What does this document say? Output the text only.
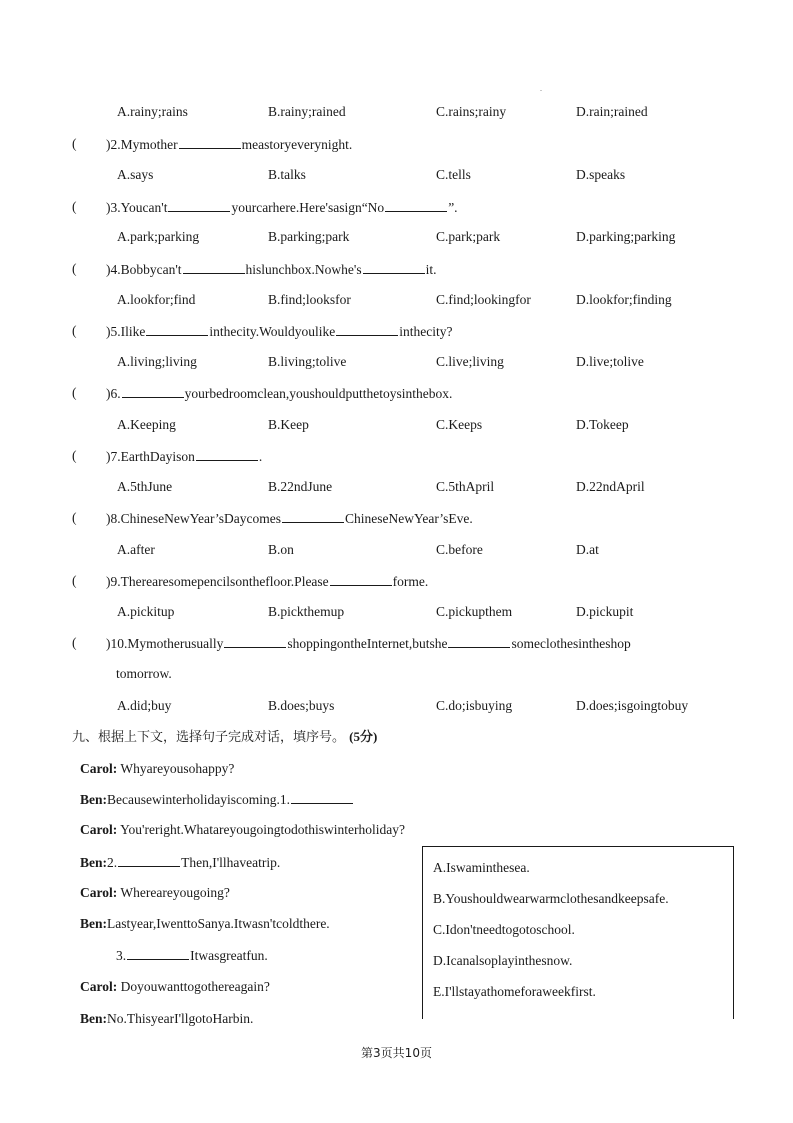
.
A.rainy;rains	B.rainy;rained	C.rains;rainy	D.rain;rained
( )2.Mymother	meastoryeverynight.
A.says	B.talks	C.tells	D.speaks
( )3.Youcan't	yourcarhere.Here'sasign“No	”.
A.park;parking	B.parking;park	C.park;park	D.parking;parking
( )4.Bobbycan't	hislunchbox.Nowhe's	it.
A.lookfor;find	B.find;looksfor	C.find;lookingfor	D.lookfor;finding
( )5.Ilike	inthecity.Wouldyoulike	inthecity?
A.living;living	B.living;tolive	C.live;living	D.live;tolive
( )6.	yourbedroomclean,youshouldputthetoysinthebox.
A.Keeping	B.Keep	C.Keeps	D.Tokeep
( )7.EarthDayison	.
A.5thJune	B.22ndJune	C.5thApril	D.22ndApril
( )8.ChineseNewYear’sDaycomes	ChineseNewYear’sEve.
A.after	B.on	C.before	D.at
( )9.Therearesomepencilsonthefloor.Please	forme.
A.pickitup	B.pickthemup	C.pickupthem	D.pickupit
( )10.Mymotherusually	shoppingontheInternet,butshe	someclothesintheshop
tomorrow.
A.did;buy	B.does;buys	C.do;isbuying	D.does;isgoingtobuy
九、根据上下文，选择句子完成对话，填序号。 (5分)
Carol: Whyareyousohappy?
Ben:Becausewinterholidayiscoming.1.
Carol: You'reright.Whatareyougoingtodothiswinterholiday?
Ben:2.	Then,I'llhaveatrip.
Carol: Whereareyougoing?
Ben:Lastyear,IwenttoSanya.Itwasn'tcoldthere.
3.	Itwasgreatfun.
Carol: Doyouwanttogothereagain?
Ben:No.ThisyearI'llgotoHarbin.
A.Iswaminthesea.
B.Youshouldwearwarmclothesandkeepsafe.
C.Idon'tneedtogotoschool.
D.Icanalsoplayinthesnow.
E.I'llstayathomeforaweekfirst.
第3页共10页
